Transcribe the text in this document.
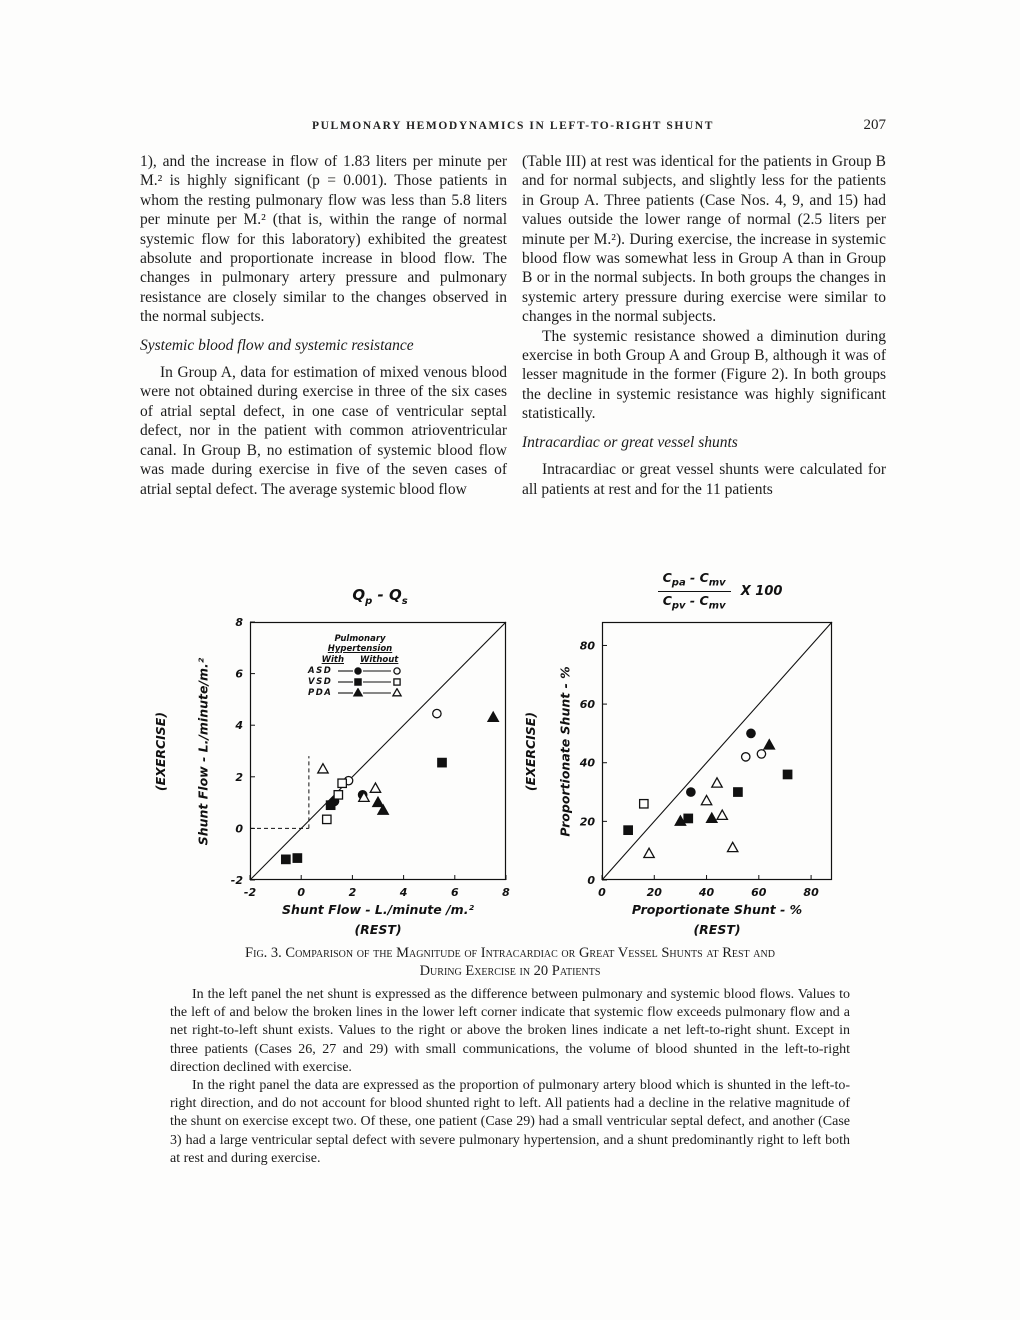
PULMONARY HEMODYNAMICS IN LEFT-TO-RIGHT SHUNT	207

1), and the increase in flow of 1.83 liters per minute per M.² is highly significant (p = 0.001). Those patients in whom the resting pulmonary flow was less than 5.8 liters per minute per M.² (that is, within the range of normal systemic flow for this laboratory) exhibited the greatest absolute and proportionate increase in blood flow. The changes in pulmonary artery pressure and pulmonary resistance are closely similar to the changes observed in the normal subjects.

Systemic blood flow and systemic resistance

In Group A, data for estimation of mixed venous blood were not obtained during exercise in three of the six cases of atrial septal defect, in one case of ventricular septal defect, nor in the patient with common atrioventricular canal. In Group B, no estimation of systemic blood flow was made during exercise in five of the seven cases of atrial septal defect. The average systemic blood flow

(Table III) at rest was identical for the patients in Group B and for normal subjects, and slightly less for the patients in Group A. Three patients (Case Nos. 4, 9, and 15) had values outside the lower range of normal (2.5 liters per minute per M.²). During exercise, the increase in systemic blood flow was somewhat less in Group A than in Group B or in the normal subjects. In both groups the changes in systemic artery pressure during exercise were similar to changes in the normal subjects.

The systemic resistance showed a diminution during exercise in both Group A and Group B, although it was of lesser magnitude in the former (Figure 2). In both groups the decline in systemic resistance was highly significant statistically.

Intracardiac or great vessel shunts

Intracardiac or great vessel shunts were calculated for all patients at rest and for the 11 patients

$Q_p - Q_s$
(EXERCISE) Shunt Flow - L./minute/m.²
-2	0	2	4	6	8
-2
0
2
4
6
8
Pulmonary
Hypertension
With Without
ASD
VSD
PDA
Shunt Flow - L./minute /m.²
(REST)
$\frac{C_{pa} - C_{mv}}{C_{pv} - C_{mv}}$ X 100
(EXERCISE) Proportionate Shunt - %
0	20	40	60	80
0
20
40
60
80
Proportionate Shunt - %
(REST)
Fig. 3. Comparison of the Magnitude of Intracardiac or Great Vessel Shunts at Rest and
During Exercise in 20 Patients

In the left panel the net shunt is expressed as the difference between pulmonary and systemic blood flows. Values to the left of and below the broken lines in the lower left corner indicate that systemic flow exceeds pulmonary flow and a net right-to-left shunt exists. Values to the right or above the broken lines indicate a net left-to-right shunt. Except in three patients (Cases 26, 27 and 29) with small communications, the volume of blood shunted in the left-to-right direction declined with exercise.

In the right panel the data are expressed as the proportion of pulmonary artery blood which is shunted in the left-to-right direction, and do not account for blood shunted right to left. All patients had a decline in the relative magnitude of the shunt on exercise except two. Of these, one patient (Case 29) had a small ventricular septal defect, and another (Case 3) had a large ventricular septal defect with severe pulmonary hypertension, and a shunt predominantly right to left both at rest and during exercise.
